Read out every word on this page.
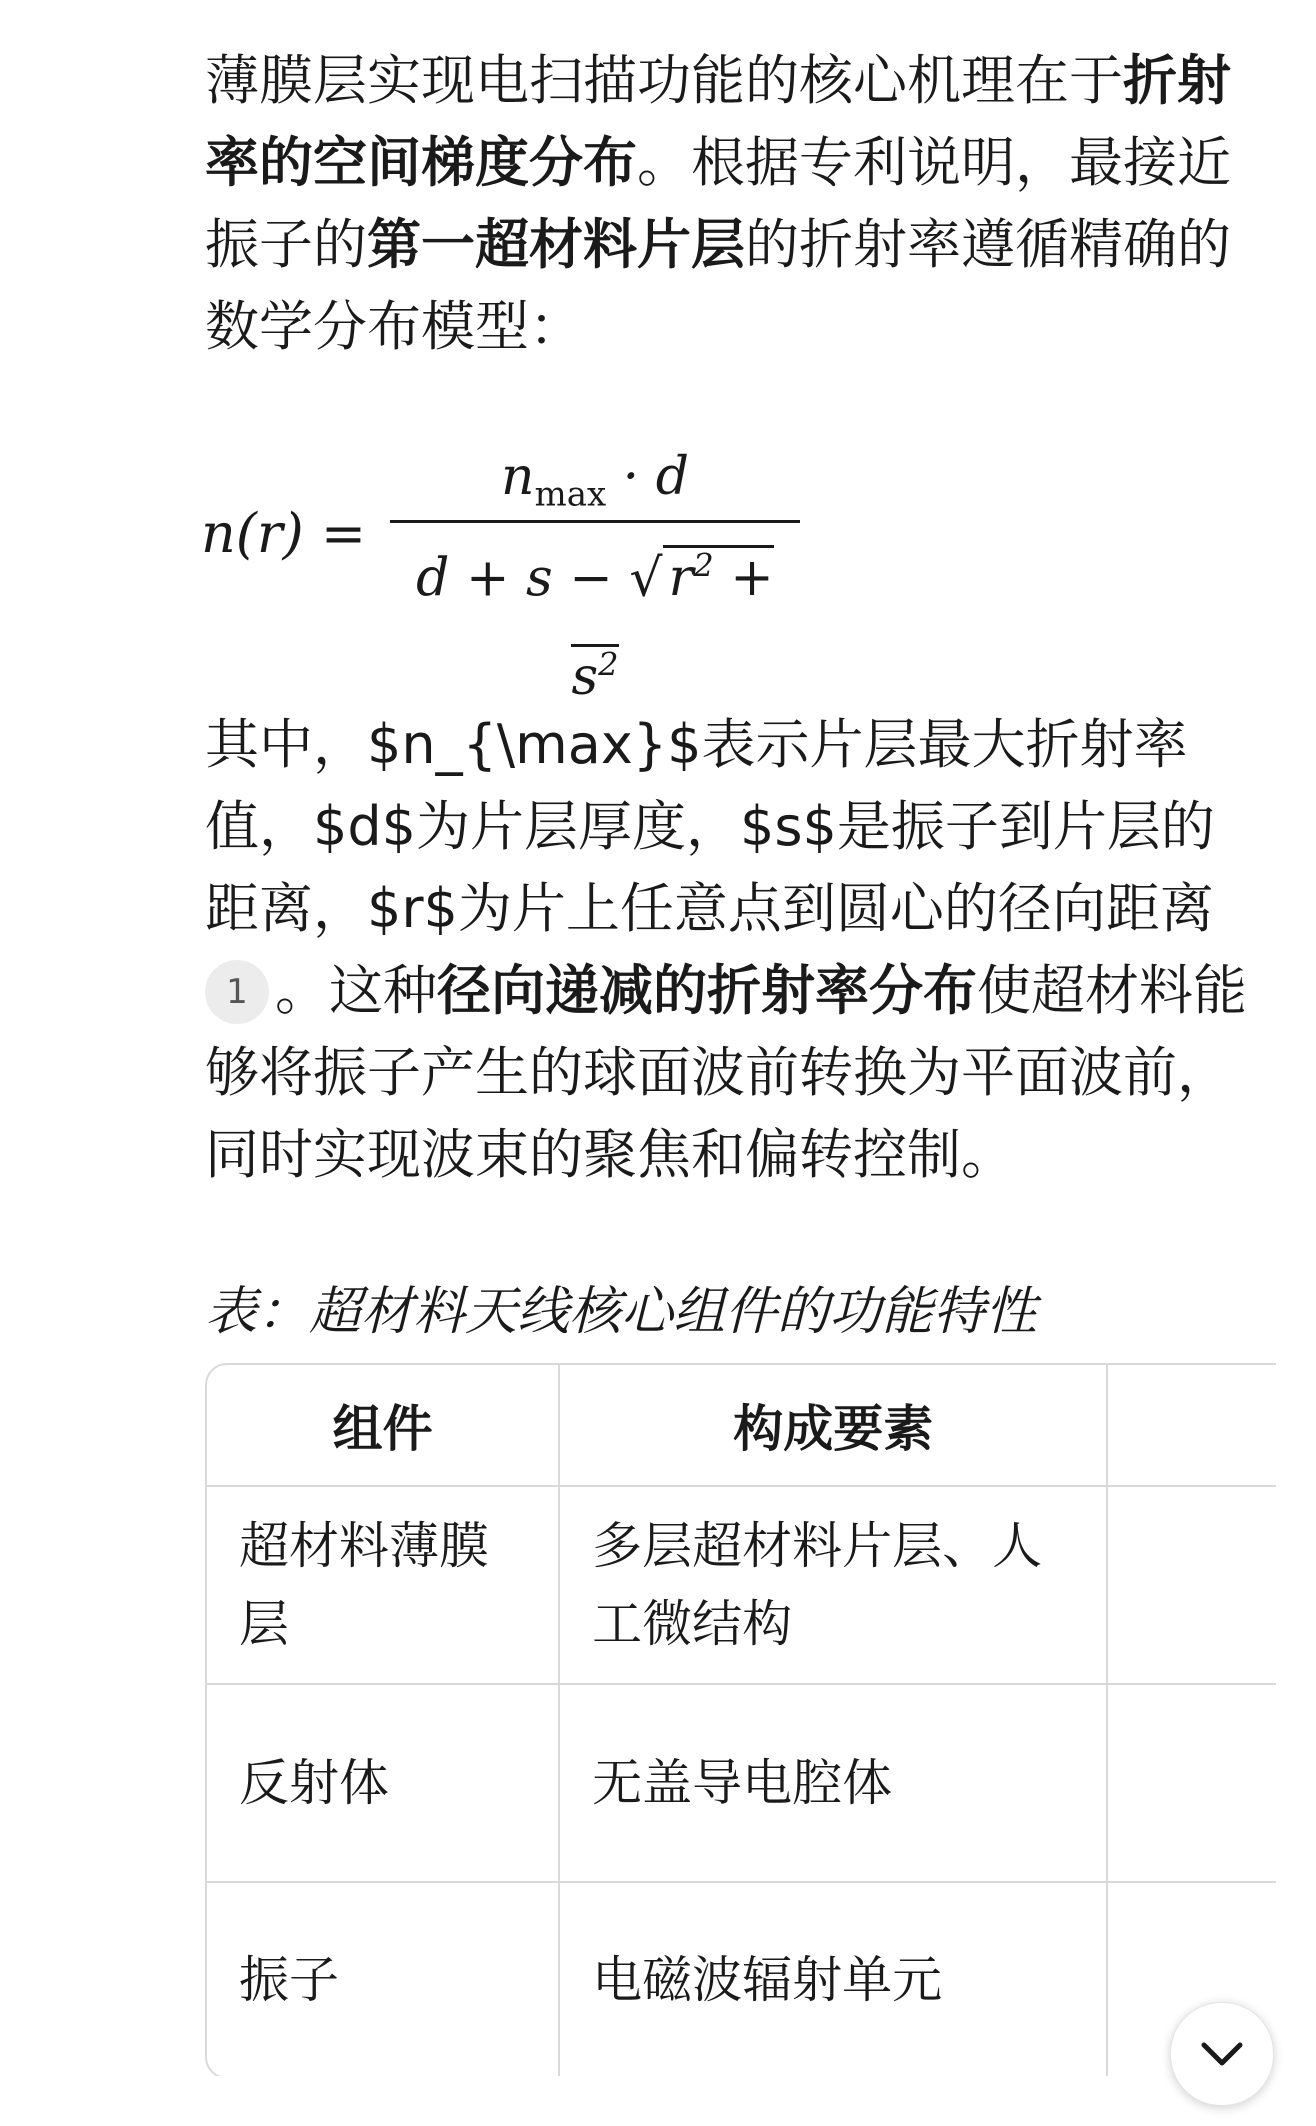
薄膜层实现电扫描功能的核心机理在于折射率的空间梯度分布。根据专利说明，最接近振子的第一超材料片层的折射率遵循精确的数学分布模型：

n(r) =
$n_{max} \cdot d$
d + s − √ $r^2 + s^2$

其中，$n_{\max}$表示片层最大折射率值，$d$为片层厚度，$s$是振子到片层的距离，$r$为片上任意点到圆心的径向距离1 。这种径向递减的折射率分布使超材料能够将振子产生的球面波前转换为平面波前，同时实现波束的聚焦和偏转控制。

表：超材料天线核心组件的功能特性
组件	构成要素	
超材料薄膜层	多层超材料片层、人工微结构	
反射体	无盖导电腔体	
振子	电磁波辐射单元	
